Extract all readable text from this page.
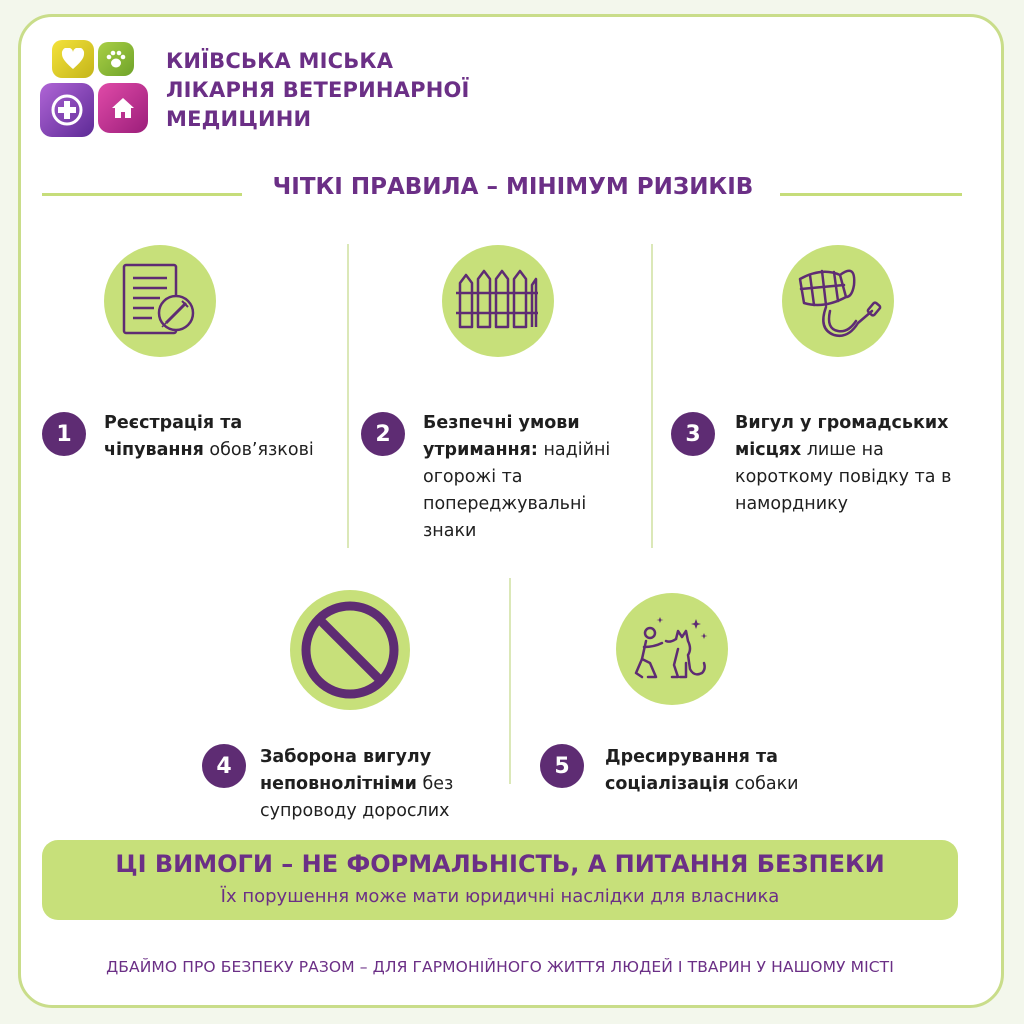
КИЇВСЬКА МІСЬКА
ЛІКАРНЯ ВЕТЕРИНАРНОЇ
МЕДИЦИНИ
ЧІТКІ ПРАВИЛА – МІНІМУМ РИЗИКІВ
1	Реєстрація та чіпування обов’язкові
2	Безпечні умови утримання: надійні огорожі та попереджувальні знаки
3	Вигул у громадських місцях лише на короткому повідку та в наморднику
4	Заборона вигулу неповнолітніми без супроводу дорослих
5	Дресирування та соціалізація собаки
ЦІ ВИМОГИ – НЕ ФОРМАЛЬНІСТЬ, А ПИТАННЯ БЕЗПЕКИ
Їх порушення може мати юридичні наслідки для власника
ДБАЙМО ПРО БЕЗПЕКУ РАЗОМ – ДЛЯ ГАРМОНІЙНОГО ЖИТТЯ ЛЮДЕЙ І ТВАРИН У НАШОМУ МІСТІ
